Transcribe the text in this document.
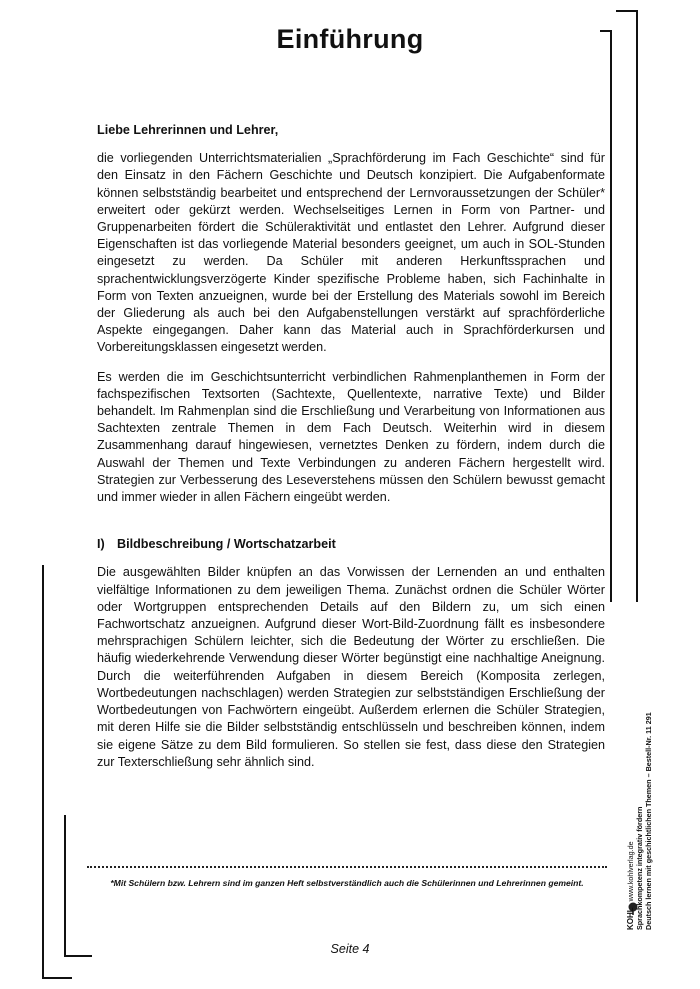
Einführung

Liebe Lehrerinnen und Lehrer,

die vorliegenden Unterrichtsmaterialien „Sprachförderung im Fach Geschichte“ sind für den Einsatz in den Fächern Geschichte und Deutsch konzipiert. Die Aufgabenformate können selbstständig bearbeitet und entsprechend der Lernvoraussetzungen der Schüler* erweitert oder gekürzt werden. Wechselseitiges Lernen in Form von Partner- und Gruppenarbeiten fördert die Schüleraktivität und entlastet den Lehrer. Aufgrund dieser Eigenschaften ist das vorliegende Material besonders geeignet, um auch in SOL-Stunden eingesetzt zu werden. Da Schüler mit anderen Herkunftssprachen und sprachentwicklungsverzögerte Kinder spezifische Probleme haben, sich Fachinhalte in Form von Texten anzueignen, wurde bei der Erstellung des Materials sowohl im Bereich der Gliederung als auch bei den Aufgabenstellungen verstärkt auf sprachförderliche Aspekte eingegangen. Daher kann das Material auch in Sprachförderkursen und Vorbereitungsklassen eingesetzt werden.

Es werden die im Geschichtsunterricht verbindlichen Rahmenplanthemen in Form der fachspezifischen Textsorten (Sachtexte, Quellentexte, narrative Texte) und Bilder behandelt. Im Rahmenplan sind die Erschließung und Verarbeitung von Informationen aus Sachtexten zentrale Themen in dem Fach Deutsch. Weiterhin wird in diesem Zusammenhang darauf hingewiesen, vernetztes Denken zu fördern, indem durch die Auswahl der Themen und Texte Verbindungen zu anderen Fächern hergestellt wird. Strategien zur Verbesserung des Leseverstehens müssen den Schülern bewusst gemacht und immer wieder in allen Fächern eingeübt werden.

I) Bildbeschreibung / Wortschatzarbeit

Die ausgewählten Bilder knüpfen an das Vorwissen der Lernenden an und enthalten vielfältige Informationen zu dem jeweiligen Thema. Zunächst ordnen die Schüler Wörter oder Wortgruppen entsprechenden Details auf den Bildern zu, um sich einen Fachwortschatz anzueignen. Aufgrund dieser Wort-Bild-Zuordnung fällt es insbesondere mehrsprachigen Schülern leichter, sich die Bedeutung der Wörter zu erschließen. Die häufig wiederkehrende Verwendung dieser Wörter begünstigt eine nachhaltige Aneignung. Durch die weiterführenden Aufgaben in diesem Bereich (Komposita zerlegen, Wortbedeutungen nachschlagen) werden Strategien zur selbstständigen Erschließung der Wortbedeutungen von Fachwörtern eingeübt. Außerdem erlernen die Schüler Strategien, mit deren Hilfe sie die Bilder selbstständig entschlüsseln und beschreiben können, indem sie eigene Sätze zu dem Bild formulieren. So stellen sie fest, dass diese den Strategien zur Texterschließung sehr ähnlich sind.

*Mit Schülern bzw. Lehrern sind im ganzen Heft selbstverständlich auch die Schülerinnen und Lehrerinnen gemeint.
Seite 4
KOHL www.kohlverlag.de Sprachkompetenz integrativ fördern Deutsch lernen mit geschichtlichen Themen – Bestell-Nr. 11 291
